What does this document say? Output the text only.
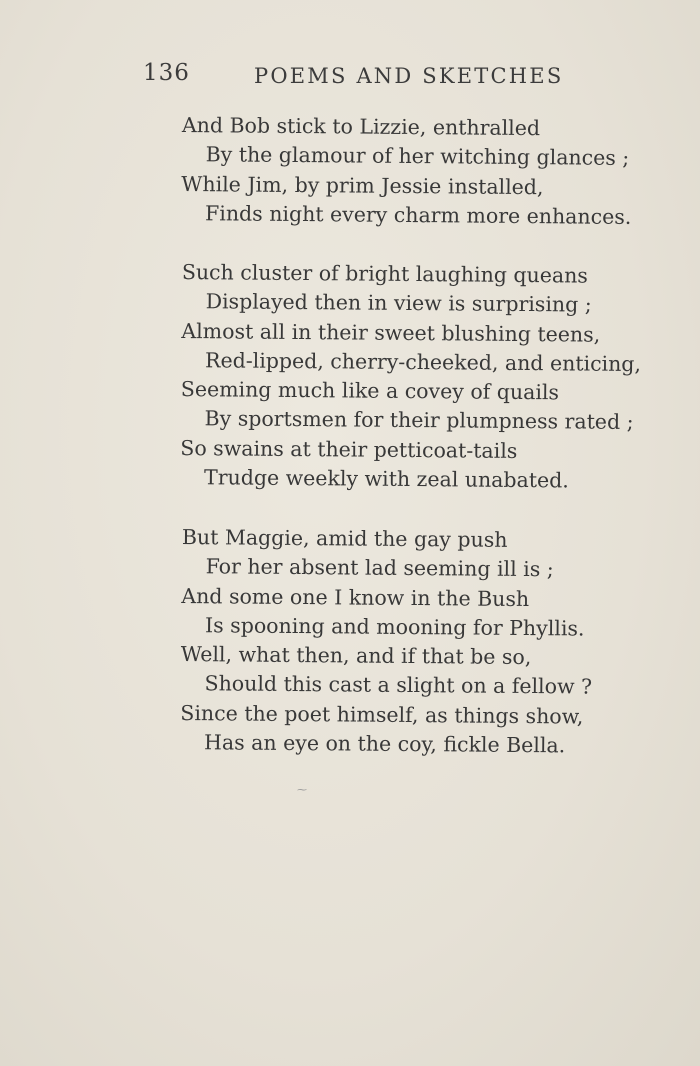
136	POEMS AND SKETCHES
And Bob stick to Lizzie, enthralled
By the glamour of her witching glances ;
While Jim, by prim Jessie installed,
Finds night every charm more enhances.
Such cluster of bright laughing queans
Displayed then in view is surprising ;
Almost all in their sweet blushing teens,
Red-lipped, cherry-cheeked, and enticing,
Seeming much like a covey of quails
By sportsmen for their plumpness rated ;
So swains at their petticoat-tails
Trudge weekly with zeal unabated.
But Maggie, amid the gay push
For her absent lad seeming ill is ;
And some one I know in the Bush
Is spooning and mooning for Phyllis.
Well, what then, and if that be so,
Should this cast a slight on a fellow ?
Since the poet himself, as things show,
Has an eye on the coy, fickle Bella.
⁓
